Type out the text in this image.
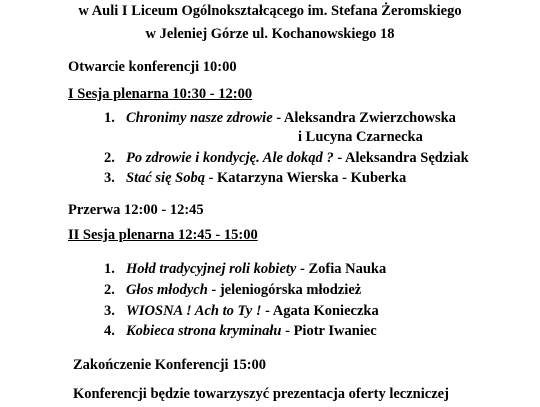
w Auli I Liceum Ogólnokształcącego im. Stefana Żeromskiego
w Jeleniej Górze ul. Kochanowskiego 18
Otwarcie konferencji 10:00
I Sesja plenarna 10:30 - 12:00
1. Chronimy nasze zdrowie - Aleksandra Zwierzchowska
i Lucyna Czarnecka
2. Po zdrowie i kondycję. Ale dokąd ? - Aleksandra Sędziak
3. Stać się Sobą - Katarzyna Wierska - Kuberka
Przerwa 12:00 - 12:45
II Sesja plenarna 12:45 - 15:00
1. Hołd tradycyjnej roli kobiety - Zofia Nauka
2. Głos młodych - jeleniogórska młodzież
3. WIOSNA ! Ach to Ty ! - Agata Konieczka
4. Kobieca strona kryminału - Piotr Iwaniec
Zakończenie Konferencji 15:00
Konferencji będzie towarzyszyć prezentacja oferty leczniczej
